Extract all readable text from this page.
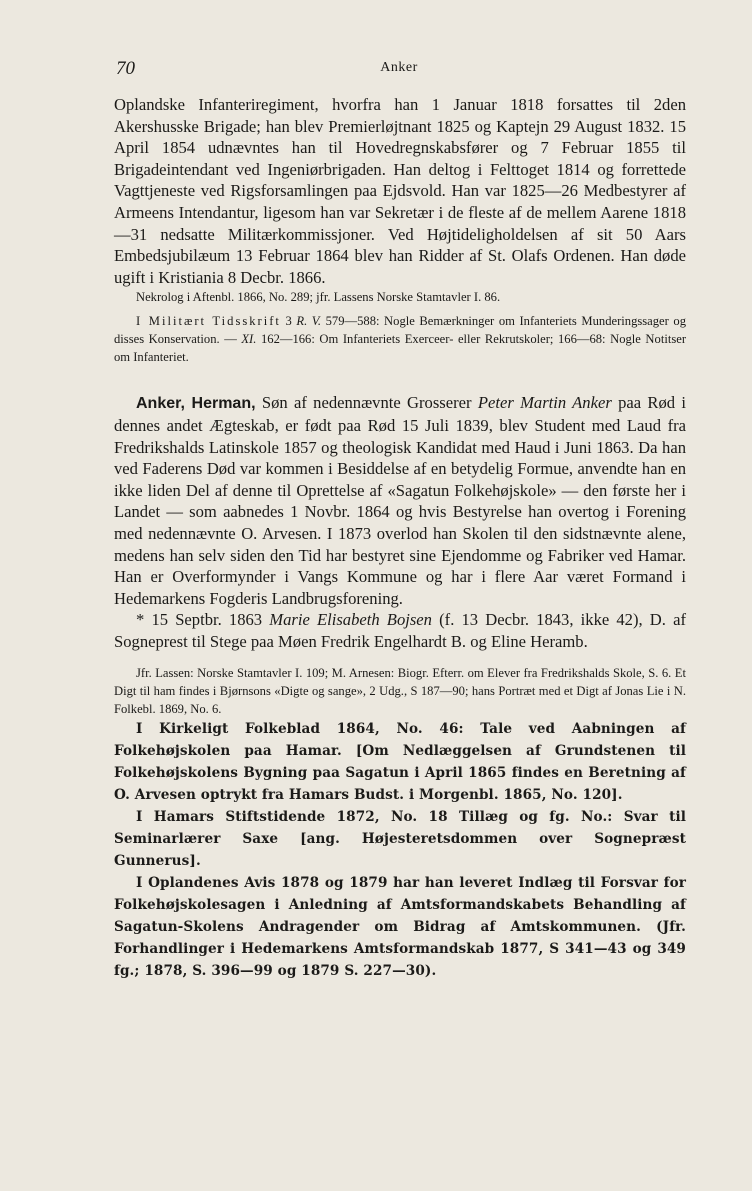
70	Anker

Oplandske Infanteriregiment, hvorfra han 1 Januar 1818 forsattes til 2den Akershusske Brigade; han blev Premierløjtnant 1825 og Kaptejn 29 August 1832. 15 April 1854 udnævntes han til Hovedregnskabsfører og 7 Februar 1855 til Brigadeintendant ved Ingeniørbrigaden. Han deltog i Felttoget 1814 og forrettede Vagttjeneste ved Rigsforsamlingen paa Ejdsvold. Han var 1825—26 Medbestyrer af Armeens Intendantur, ligesom han var Sekretær i de fleste af de mellem Aarene 1818—31 nedsatte Militærkommissjoner. Ved Højtideligholdelsen af sit 50 Aars Embedsjubilæum 13 Februar 1864 blev han Ridder af St. Olafs Ordenen. Han døde ugift i Kristiania 8 Decbr. 1866.

Nekrolog i Aftenbl. 1866, No. 289; jfr. Lassens Norske Stamtavler I. 86.

I Militært Tidsskrift 3 R. V. 579—588: Nogle Bemærkninger om Infanteriets Munderingssager og disses Konservation. — XI. 162—166: Om Infanteriets Exerceer- eller Rekrutskoler; 166—68: Nogle Notitser om Infanteriet.

Anker, Herman, Søn af nedennævnte Grosserer Peter Martin Anker paa Rød i dennes andet Ægteskab, er født paa Rød 15 Juli 1839, blev Student med Laud fra Fredrikshalds Latinskole 1857 og theologisk Kandidat med Haud i Juni 1863. Da han ved Faderens Død var kommen i Besiddelse af en betydelig Formue, anvendte han en ikke liden Del af denne til Oprettelse af «Sagatun Folkehøjskole» — den første her i Landet — som aabnedes 1 Novbr. 1864 og hvis Bestyrelse han overtog i Forening med nedennævnte O. Arvesen. I 1873 overlod han Skolen til den sidstnævnte alene, medens han selv siden den Tid har bestyret sine Ejendomme og Fabriker ved Hamar. Han er Overformynder i Vangs Kommune og har i flere Aar været Formand i Hedemarkens Fogderis Landbrugsforening.

* 15 Septbr. 1863 Marie Elisabeth Bojsen (f. 13 Decbr. 1843, ikke 42), D. af Sogneprest til Stege paa Møen Fredrik Engelhardt B. og Eline Heramb.

Jfr. Lassen: Norske Stamtavler I. 109; M. Arnesen: Biogr. Efterr. om Elever fra Fredrikshalds Skole, S. 6. Et Digt til ham findes i Bjørnsons «Digte og sange», 2 Udg., S 187—90; hans Portræt med et Digt af Jonas Lie i N. Folkebl. 1869, No. 6.

I Kirkeligt Folkeblad 1864, No. 46: Tale ved Aabningen af Folkehøjskolen paa Hamar. [Om Nedlæggelsen af Grundstenen til Folkehøjskolens Bygning paa Sagatun i April 1865 findes en Beretning af O. Arvesen optrykt fra Hamars Budst. i Morgenbl. 1865, No. 120].

I Hamars Stiftstidende 1872, No. 18 Tillæg og fg. No.: Svar til Seminarlærer Saxe [ang. Højesteretsdommen over Sognepræst Gunnerus].

I Oplandenes Avis 1878 og 1879 har han leveret Indlæg til Forsvar for Folkehøjskolesagen i Anledning af Amtsformandskabets Behandling af Sagatun-Skolens Andragender om Bidrag af Amtskommunen. (Jfr. Forhandlinger i Hedemarkens Amtsformandskab 1877, S 341—43 og 349 fg.; 1878, S. 396—99 og 1879 S. 227—30).
